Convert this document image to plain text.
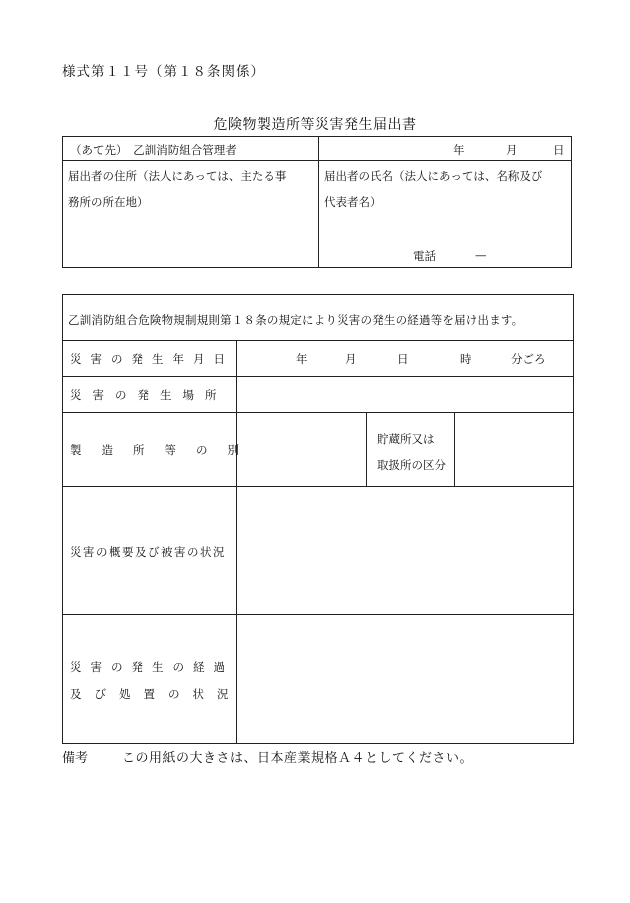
様式第１１号（第１８条関係）
危険物製造所等災害発生届出書
（あて先）　乙訓消防組合管理者	年	月	日
届出者の住所（法人にあっては、主たる事
務所の所在地）
届出者の氏名（法人にあっては、名称及び
代表者名）
電話	—
乙訓消防組合危険物規制規則第１８条の規定により災害の発生の経過等を届け出ます。
災害の発生年月日	年	月	日	時	分ごろ
災害の発生場所
製造所等の別
貯蔵所又は
取扱所の区分
災害の概要及び被害の状況
災害の発生の経過
及び処置の状況
備考	この用紙の大きさは、日本産業規格Ａ４としてください。
